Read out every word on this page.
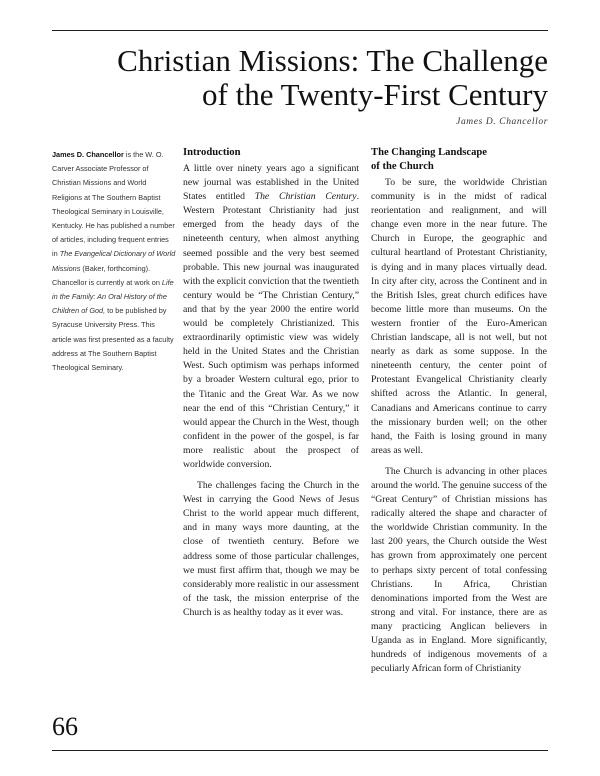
Christian Missions: The Challenge
of the Twenty-First Century

James D. Chancellor

James D. Chancellor is the W. O. Carver Associate Professor of Christian Missions and World Religions at The Southern Baptist Theological Seminary in Louisville, Kentucky. He has published a number of articles, including frequent entries in The Evangelical Dictionary of World Missions (Baker, forthcoming). Chancellor is currently at work on Life in the Family: An Oral History of the Children of God, to be published by Syracuse University Press. This article was first presented as a faculty address at The Southern Baptist Theological Seminary.

Introduction

A little over ninety years ago a significant new journal was established in the United States entitled The Christian Century. Western Protestant Christianity had just emerged from the heady days of the nineteenth century, when almost anything seemed possible and the very best seemed probable. This new journal was inaugurated with the explicit conviction that the twentieth century would be “The Christian Century,” and that by the year 2000 the entire world would be completely Christianized. This extraordinarily optimistic view was widely held in the United States and the Christian West. Such optimism was perhaps informed by a broader Western cultural ego, prior to the Titanic and the Great War. As we now near the end of this “Christian Century,” it would appear the Church in the West, though confident in the power of the gospel, is far more realistic about the prospect of worldwide conversion.

The challenges facing the Church in the West in carrying the Good News of Jesus Christ to the world appear much different, and in many ways more daunting, at the close of twentieth century. Before we address some of those particular challenges, we must first affirm that, though we may be considerably more realistic in our assessment of the task, the mission enterprise of the Church is as healthy today as it ever was.

The Changing Landscape
of the Church

To be sure, the worldwide Christian community is in the midst of radical reorientation and realignment, and will change even more in the near future. The Church in Europe, the geographic and cultural heartland of Protestant Christianity, is dying and in many places virtually dead. In city after city, across the Continent and in the British Isles, great church edifices have become little more than museums. On the western frontier of the Euro-American Christian landscape, all is not well, but not nearly as dark as some suppose. In the nineteenth century, the center point of Protestant Evangelical Christianity clearly shifted across the Atlantic. In general, Canadians and Americans continue to carry the missionary burden well; on the other hand, the Faith is losing ground in many areas as well.

The Church is advancing in other places around the world. The genuine success of the “Great Century” of Christian missions has radically altered the shape and character of the worldwide Christian community. In the last 200 years, the Church outside the West has grown from approximately one percent to perhaps sixty percent of total confessing Christians. In Africa, Christian denominations imported from the West are strong and vital. For instance, there are as many practicing Anglican believers in Uganda as in England. More significantly, hundreds of indigenous movements of a peculiarly African form of Christianity

66
